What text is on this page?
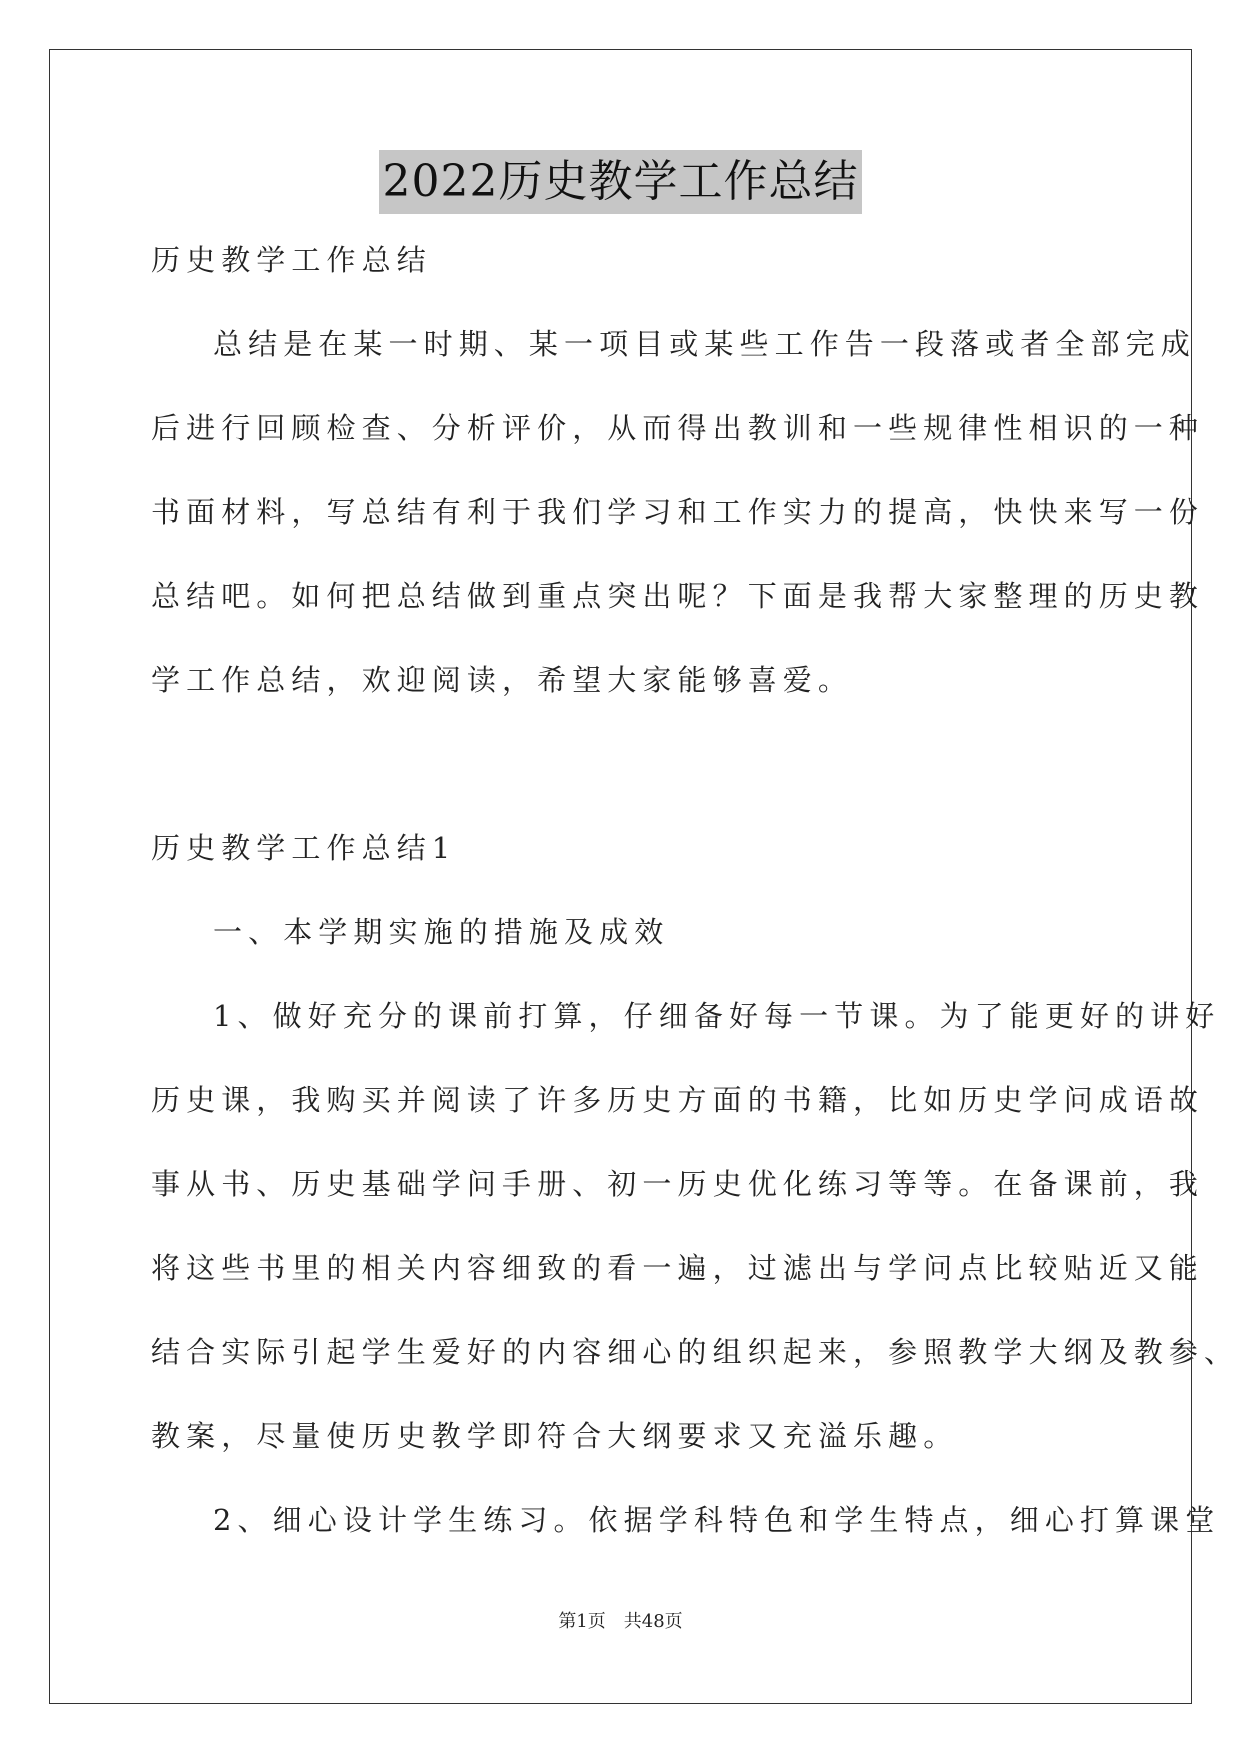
2022历史教学工作总结
历史教学工作总结
总结是在某一时期、某一项目或某些工作告一段落或者全部完成
后进行回顾检查、分析评价，从而得出教训和一些规律性相识的一种
书面材料，写总结有利于我们学习和工作实力的提高，快快来写一份
总结吧。如何把总结做到重点突出呢？下面是我帮大家整理的历史教
学工作总结，欢迎阅读，希望大家能够喜爱。
历史教学工作总结1
一、本学期实施的措施及成效
1、做好充分的课前打算，仔细备好每一节课。为了能更好的讲好
历史课，我购买并阅读了许多历史方面的书籍，比如历史学问成语故
事从书、历史基础学问手册、初一历史优化练习等等。在备课前，我
将这些书里的相关内容细致的看一遍，过滤出与学问点比较贴近又能
结合实际引起学生爱好的内容细心的组织起来，参照教学大纲及教参、
教案，尽量使历史教学即符合大纲要求又充溢乐趣。
2、细心设计学生练习。依据学科特色和学生特点，细心打算课堂
第1页　共48页
